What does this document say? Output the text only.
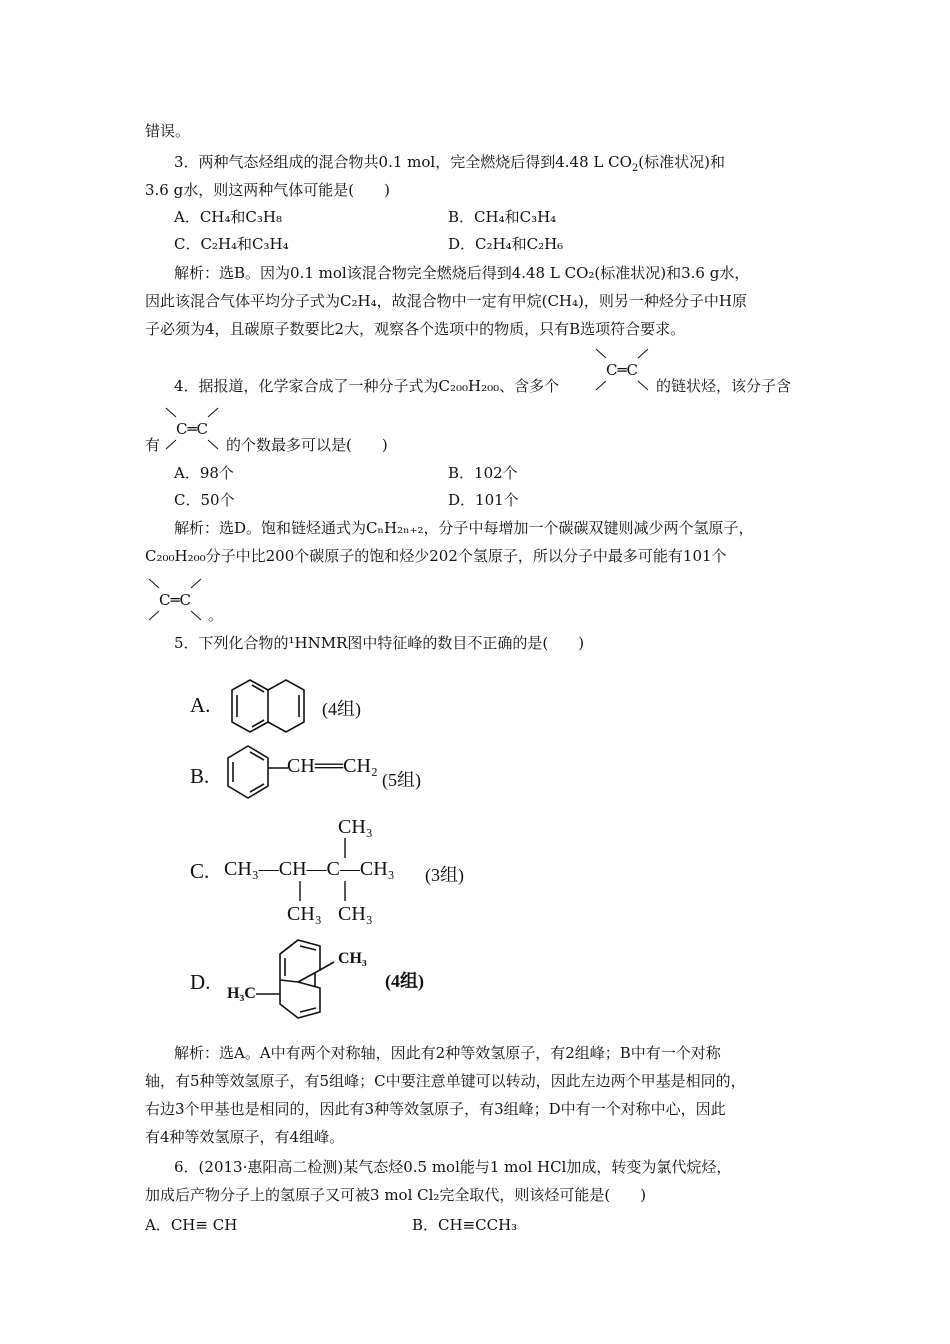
错误。
3．两种气态烃组成的混合物共0.1 mol，完全燃烧后得到4.48 L $CO_2$(标准状况)和
3.6 g水，则这两种气体可能是(　　)
A．CH₄和C₃H₈	B．CH₄和C₃H₄
C．C₂H₄和C₃H₄	D．C₂H₄和C₂H₆
解析：选B。因为0.1 mol该混合物完全燃烧后得到4.48 L CO₂(标准状况)和3.6 g水，
因此该混合气体平均分子式为C₂H₄，故混合物中一定有甲烷(CH₄)，则另一种烃分子中H原
子必须为4，且碳原子数要比2大，观察各个选项中的物质，只有B选项符合要求。
4．据报道，化学家合成了一种分子式为C₂₀₀H₂₀₀、含多个
C═C
的链状烃，该分子含
有
C═C
的个数最多可以是(　　)
A．98个	B．102个
C．50个	D．101个
解析：选D。饱和链烃通式为CₙH₂ₙ₊₂，分子中每增加一个碳碳双键则减少两个氢原子，
C₂₀₀H₂₀₀分子中比200个碳原子的饱和烃少202个氢原子，所以分子中最多可能有101个
C═C
。
5．下列化合物的¹HNMR图中特征峰的数目不正确的是(　　)
A.	(4组)
B.	CH══CH₂
(5组)
C.
CH₃
CH₃—CH—C—CH₃
CH₃ CH₃
(3组)
D.
CH₃
H₃C
(4组)
解析：选A。A中有两个对称轴，因此有2种等效氢原子，有2组峰；B中有一个对称
轴，有5种等效氢原子，有5组峰；C中要注意单键可以转动，因此左边两个甲基是相同的，
右边3个甲基也是相同的，因此有3种等效氢原子，有3组峰；D中有一个对称中心，因此
有4种等效氢原子，有4组峰。
6．(2013·惠阳高二检测)某气态烃0.5 mol能与1 mol HCl加成，转变为氯代烷烃，
加成后产物分子上的氢原子又可被3 mol Cl₂完全取代，则该烃可能是(　　)
A．CH≡ CH	B．CH≡CCH₃
